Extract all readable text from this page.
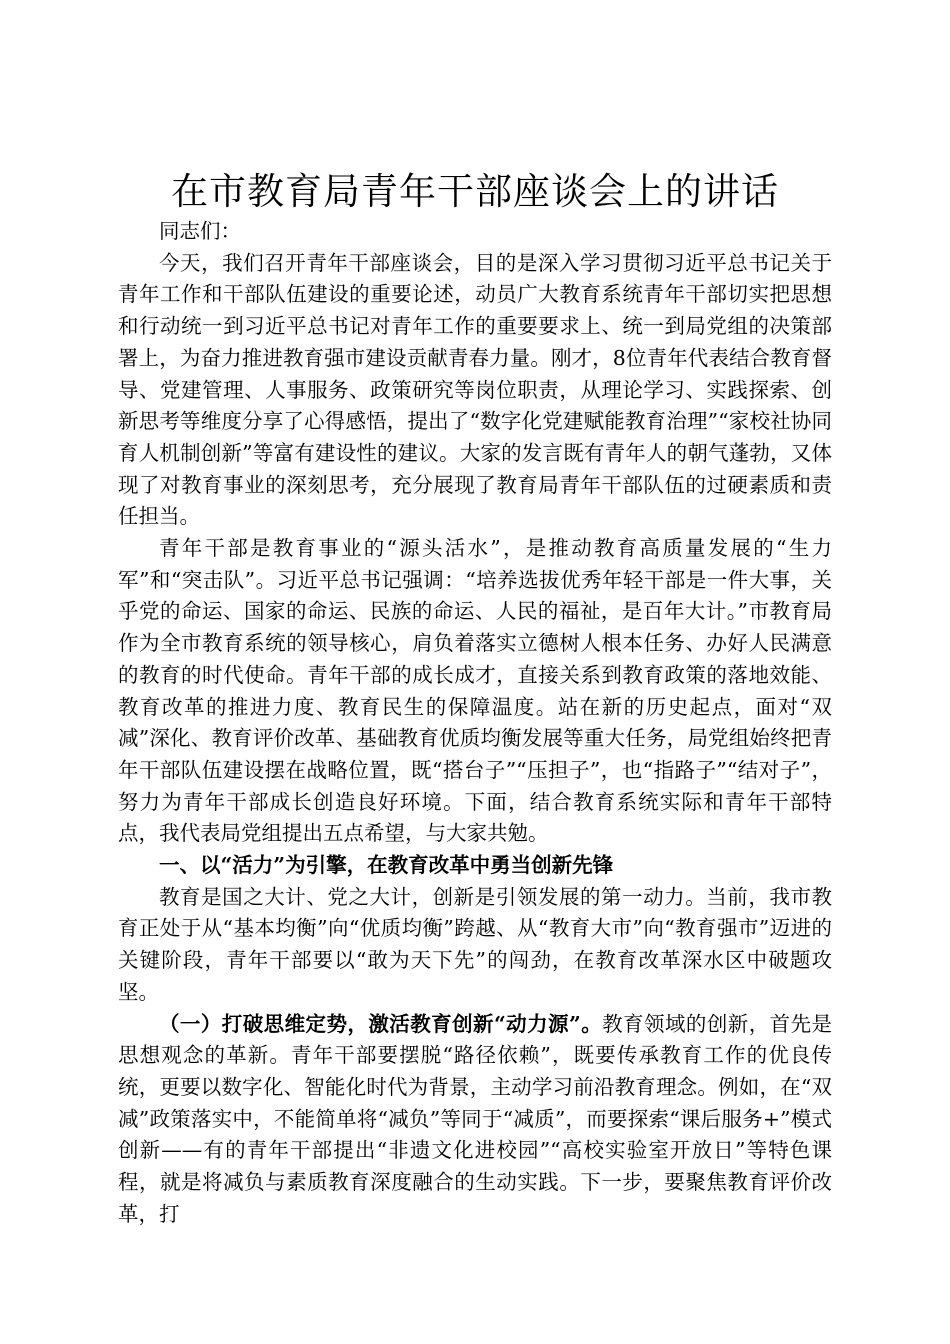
在市教育局青年干部座谈会上的讲话

同志们：

今天，我们召开青年干部座谈会，目的是深入学习贯彻习近平总书记关于青年工作和干部队伍建设的重要论述，动员广大教育系统青年干部切实把思想和行动统一到习近平总书记对青年工作的重要要求上、统一到局党组的决策部署上，为奋力推进教育强市建设贡献青春力量。刚才，8位青年代表结合教育督导、党建管理、人事服务、政策研究等岗位职责，从理论学习、实践探索、创新思考等维度分享了心得感悟，提出了“数字化党建赋能教育治理”“家校社协同育人机制创新”等富有建设性的建议。大家的发言既有青年人的朝气蓬勃，又体现了对教育事业的深刻思考，充分展现了教育局青年干部队伍的过硬素质和责任担当。

青年干部是教育事业的“源头活水”，是推动教育高质量发展的“生力军”和“突击队”。习近平总书记强调：“培养选拔优秀年轻干部是一件大事，关乎党的命运、国家的命运、民族的命运、人民的福祉，是百年大计。”市教育局作为全市教育系统的领导核心，肩负着落实立德树人根本任务、办好人民满意的教育的时代使命。青年干部的成长成才，直接关系到教育政策的落地效能、教育改革的推进力度、教育民生的保障温度。站在新的历史起点，面对“双减”深化、教育评价改革、基础教育优质均衡发展等重大任务，局党组始终把青年干部队伍建设摆在战略位置，既“搭台子”“压担子”，也“指路子”“结对子”，努力为青年干部成长创造良好环境。下面，结合教育系统实际和青年干部特点，我代表局党组提出五点希望，与大家共勉。

一、以“活力”为引擎，在教育改革中勇当创新先锋

教育是国之大计、党之大计，创新是引领发展的第一动力。当前，我市教育正处于从“基本均衡”向“优质均衡”跨越、从“教育大市”向“教育强市”迈进的关键阶段，青年干部要以“敢为天下先”的闯劲，在教育改革深水区中破题攻坚。

（一）打破思维定势，激活教育创新“动力源”。教育领域的创新，首先是思想观念的革新。青年干部要摆脱“路径依赖”，既要传承教育工作的优良传统，更要以数字化、智能化时代为背景，主动学习前沿教育理念。例如，在“双减”政策落实中，不能简单将“减负”等同于“减质”，而要探索“课后服务+”模式创新——有的青年干部提出“非遗文化进校园”“高校实验室开放日”等特色课程，就是将减负与素质教育深度融合的生动实践。下一步，要聚焦教育评价改革，打
